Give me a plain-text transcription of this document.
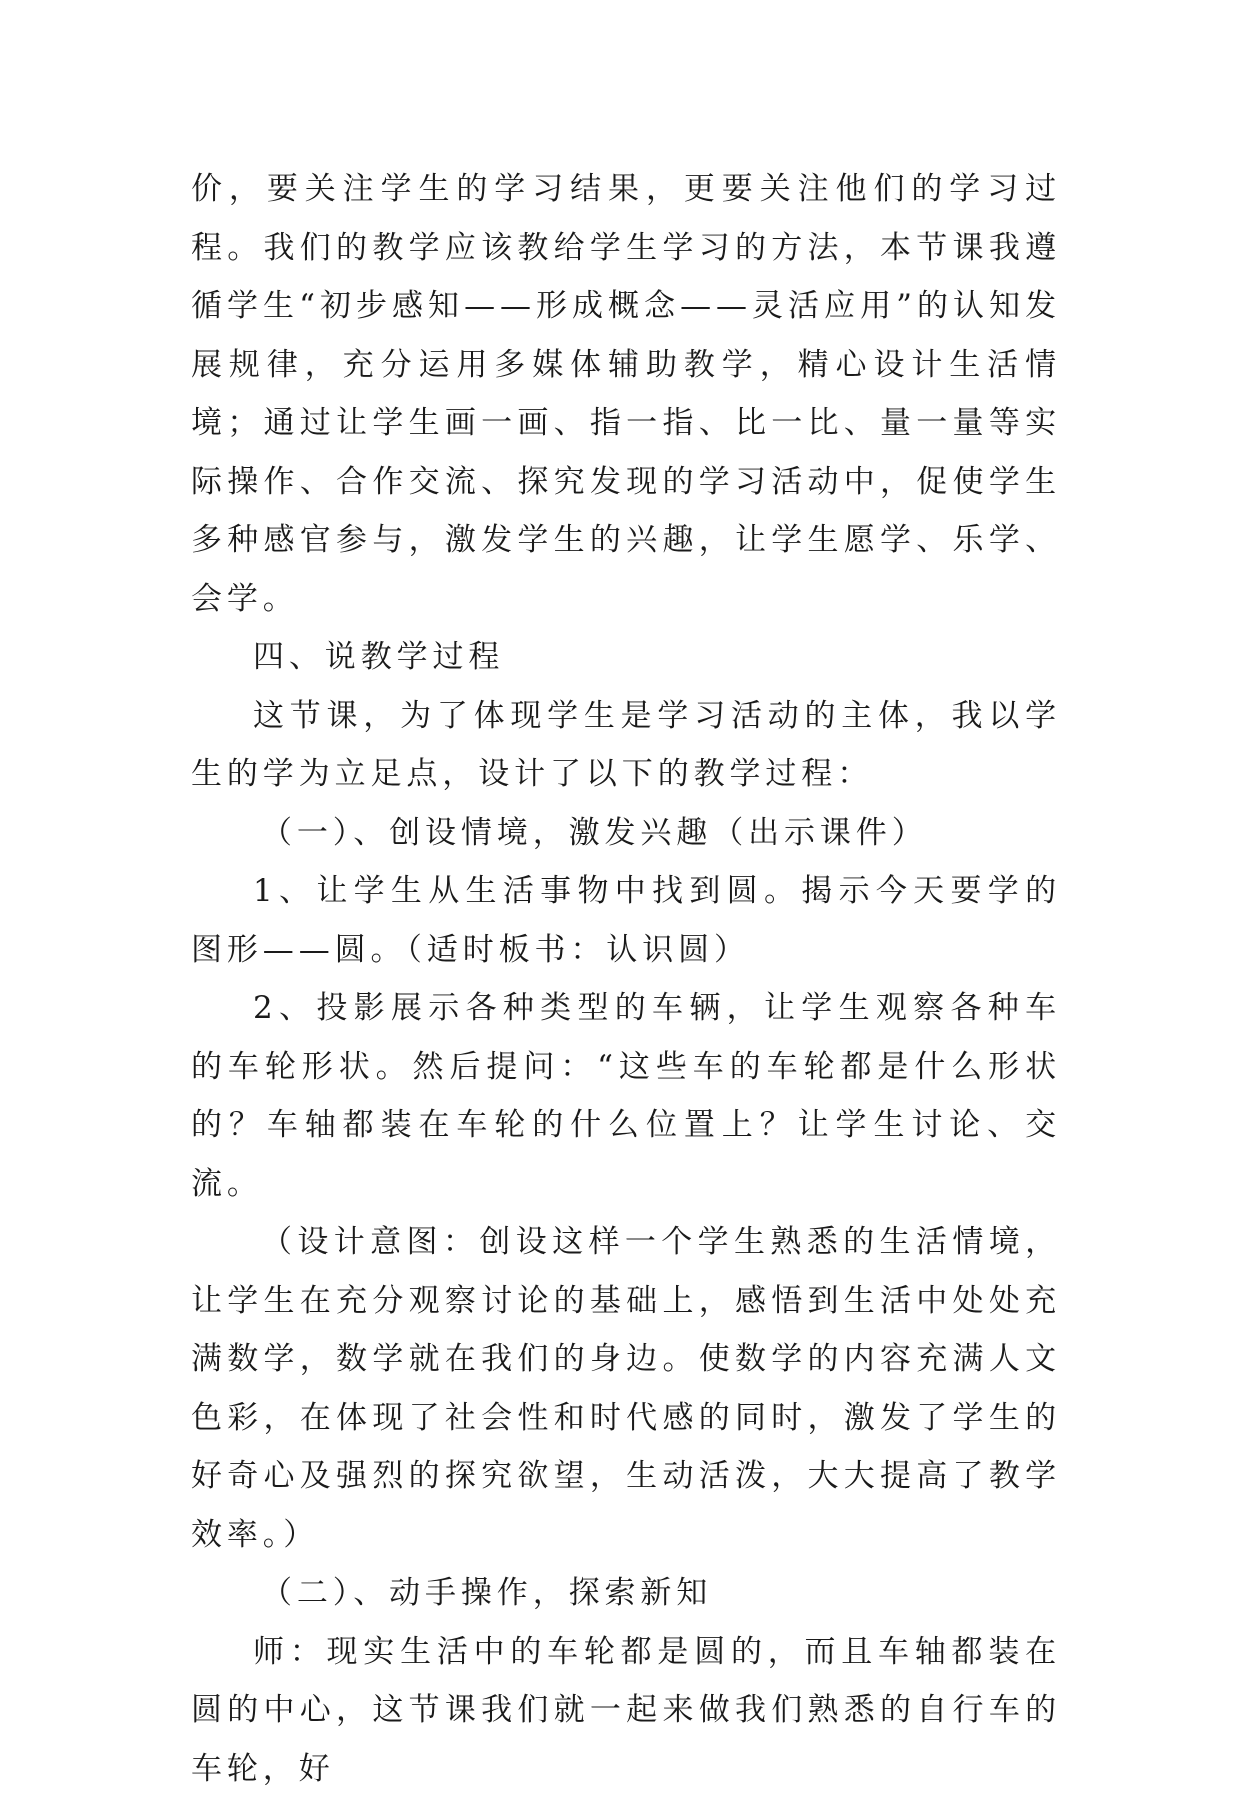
价，要关注学生的学习结果，更要关注他们的学习过程。我们的教学应该教给学生学习的方法，本节课我遵循学生“初步感知——形成概念——灵活应用”的认知发展规律，充分运用多媒体辅助教学，精心设计生活情境；通过让学生画一画、指一指、比一比、量一量等实际操作、合作交流、探究发现的学习活动中，促使学生多种感官参与，激发学生的兴趣，让学生愿学、乐学、会学。

四、说教学过程

这节课，为了体现学生是学习活动的主体，我以学生的学为立足点，设计了以下的教学过程：

（一）、创设情境，激发兴趣（出示课件）

1、让学生从生活事物中找到圆。揭示今天要学的图形——圆。（适时板书：认识圆）

2、投影展示各种类型的车辆，让学生观察各种车的车轮形状。然后提问：“这些车的车轮都是什么形状的？车轴都装在车轮的什么位置上？让学生讨论、交流。

（设计意图：创设这样一个学生熟悉的生活情境，让学生在充分观察讨论的基础上，感悟到生活中处处充满数学，数学就在我们的身边。使数学的内容充满人文色彩，在体现了社会性和时代感的同时，激发了学生的好奇心及强烈的探究欲望，生动活泼，大大提高了教学效率。）

（二）、动手操作，探索新知

师：现实生活中的车轮都是圆的，而且车轴都装在圆的中心，这节课我们就一起来做我们熟悉的自行车的车轮，好
